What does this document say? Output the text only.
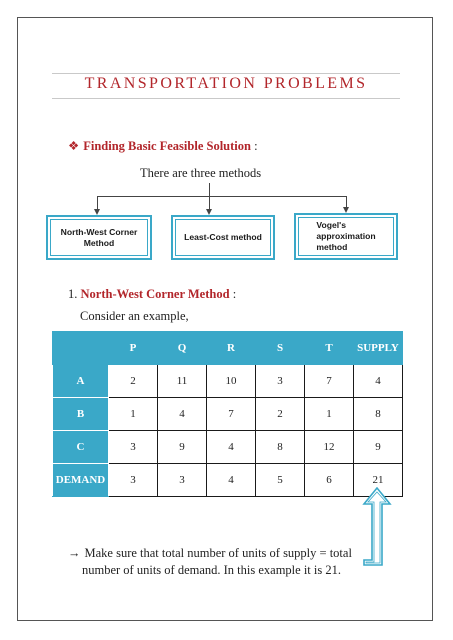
TRANSPORTATION PROBLEMS
❖ Finding Basic Feasible Solution :
There are three methods
North-West Corner
Method
Least-Cost method
Vogel's
approximation
method
1. North-West Corner Method :
Consider an example,
	P	Q	R	S	T	SUPPLY
A	2	11	10	3	7	4
B	1	4	7	2	1	8
C	3	9	4	8	12	9
DEMAND	3	3	4	5	6	21
→ Make sure that total number of units of supply = total
number of units of demand. In this example it is 21.
